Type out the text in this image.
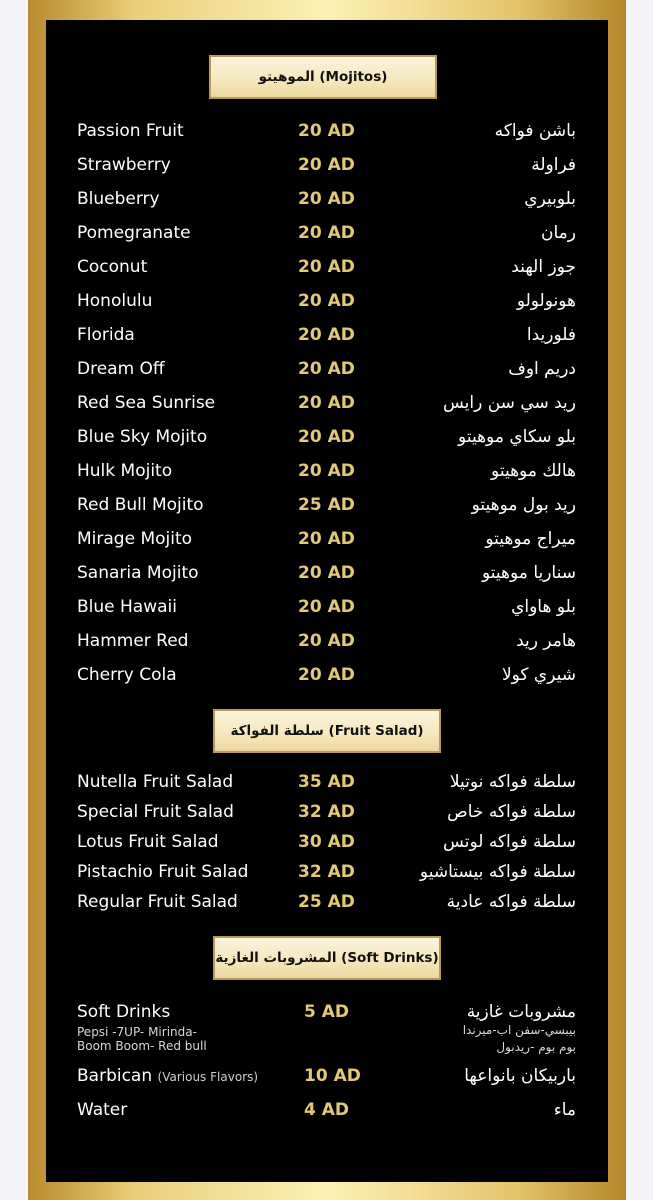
الموهيتو (Mojitos)
Passion Fruit	20 AD	باشن فواكه
Strawberry	20 AD	فراولة
Blueberry	20 AD	بلوبيري
Pomegranate	20 AD	رمان
Coconut	20 AD	جوز الهند
Honolulu	20 AD	هونولولو
Florida	20 AD	فلوريدا
Dream Off	20 AD	دريم اوف
Red Sea Sunrise	20 AD	ريد سي سن رايس
Blue Sky Mojito	20 AD	بلو سكاي موهيتو
Hulk Mojito	20 AD	هالك موهيتو
Red Bull Mojito	25 AD	ريد بول موهيتو
Mirage Mojito	20 AD	ميراج موهيتو
Sanaria Mojito	20 AD	سناريا موهيتو
Blue Hawaii	20 AD	بلو هاواي
Hammer Red	20 AD	هامر ريد
Cherry Cola	20 AD	شيري كولا
سلطة الفواكة (Fruit Salad)
Nutella Fruit Salad	35 AD	سلطة فواكه نوتيلا
Special Fruit Salad	32 AD	سلطة فواكه خاص
Lotus Fruit Salad	30 AD	سلطة فواكه لوتس
Pistachio Fruit Salad	32 AD	سلطة فواكه بيستاشيو
Regular Fruit Salad	25 AD	سلطة فواكه عادية
المشروبات الغازية (Soft Drinks)
Soft Drinks	5 AD	مشروبات غازية
Pepsi -7UP- Mirinda-
Boom Boom- Red bull
بيبسي-سفن اب-ميرندا
بوم بوم -ريدبول
Barbican (Various Flavors)	10 AD	باربيكان بانواعها
Water	4 AD	ماء
